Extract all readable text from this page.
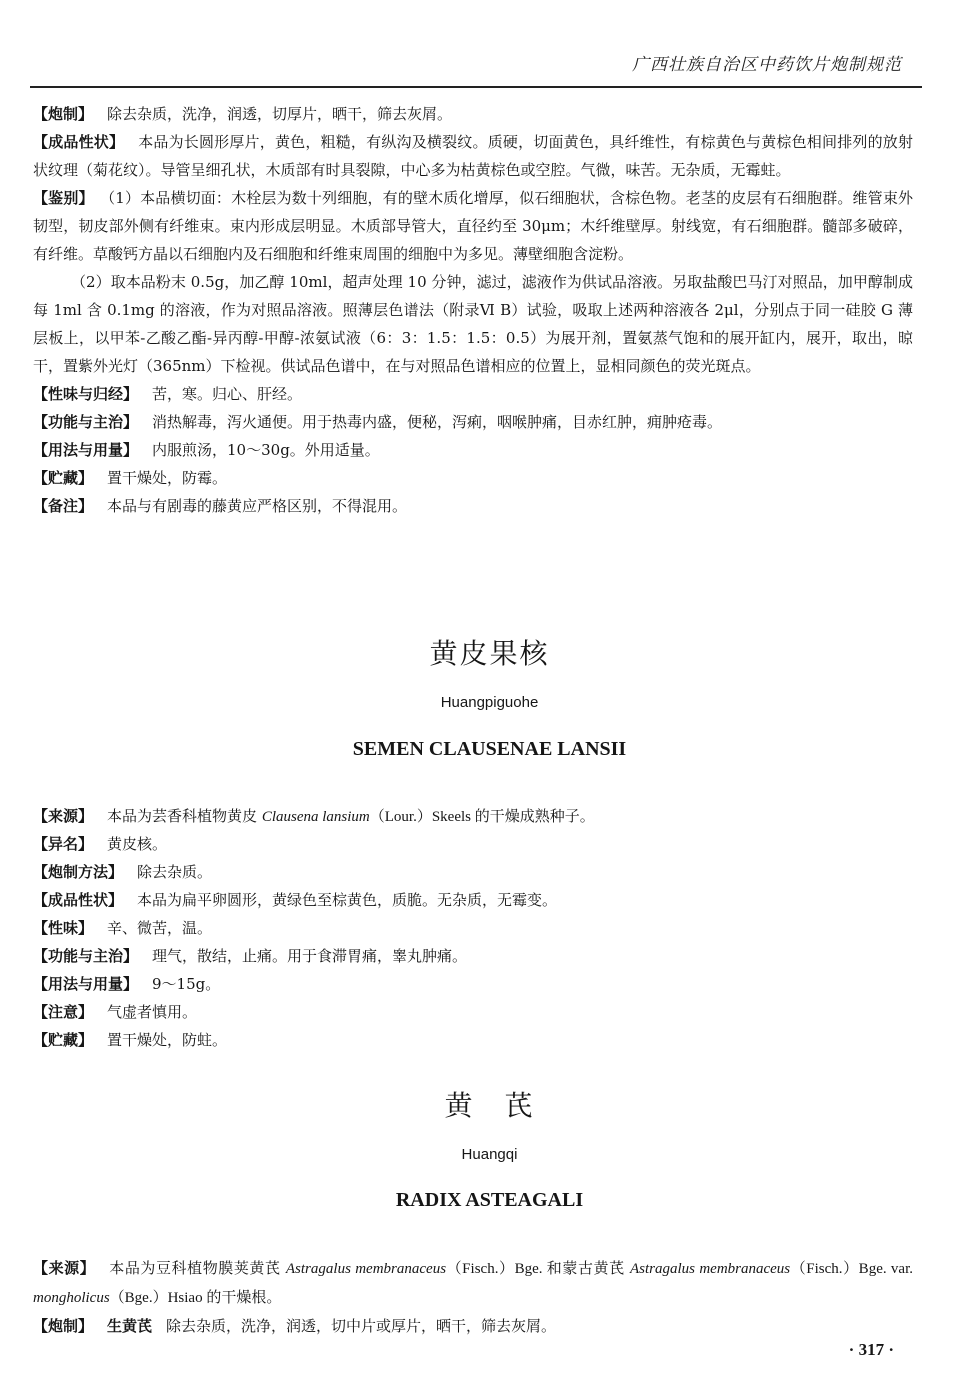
广西壮族自治区中药饮片炮制规范
【炮制】 除去杂质，洗净，润透，切厚片，晒干，筛去灰屑。
【成品性状】 本品为长圆形厚片，黄色，粗糙，有纵沟及横裂纹。质硬，切面黄色，具纤维性，有棕黄色与黄棕色相间排列的放射状纹理（菊花纹）。导管呈细孔状，木质部有时具裂隙，中心多为枯黄棕色或空腔。气微，味苦。无杂质，无霉蛀。
【鉴别】 （1）本品横切面：木栓层为数十列细胞，有的壁木质化增厚，似石细胞状，含棕色物。老茎的皮层有石细胞群。维管束外韧型，韧皮部外侧有纤维束。束内形成层明显。木质部导管大，直径约至 30μm；木纤维壁厚。射线宽，有石细胞群。髓部多破碎，有纤维。草酸钙方晶以石细胞内及石细胞和纤维束周围的细胞中为多见。薄壁细胞含淀粉。
（2）取本品粉末 0.5g，加乙醇 10ml，超声处理 10 分钟，滤过，滤液作为供试品溶液。另取盐酸巴马汀对照品，加甲醇制成每 1ml 含 0.1mg 的溶液，作为对照品溶液。照薄层色谱法（附录Ⅵ B）试验，吸取上述两种溶液各 2μl，分别点于同一硅胶 G 薄层板上，以甲苯-乙酸乙酯-异丙醇-甲醇-浓氨试液（6：3：1.5：1.5：0.5）为展开剂，置氨蒸气饱和的展开缸内，展开，取出，晾干，置紫外光灯（365nm）下检视。供试品色谱中，在与对照品色谱相应的位置上，显相同颜色的荧光斑点。
【性味与归经】 苦，寒。归心、肝经。
【功能与主治】 消热解毒，泻火通便。用于热毒内盛，便秘，泻痢，咽喉肿痛，目赤红肿，痈肿疮毒。
【用法与用量】 内服煎汤，10～30g。外用适量。
【贮藏】 置干燥处，防霉。
【备注】 本品与有剧毒的藤黄应严格区别，不得混用。
黄皮果核
Huangpiguohe
SEMEN CLAUSENAE LANSII
【来源】 本品为芸香科植物黄皮 Clausena lansium（Lour.）Skeels 的干燥成熟种子。
【异名】 黄皮核。
【炮制方法】 除去杂质。
【成品性状】 本品为扁平卵圆形，黄绿色至棕黄色，质脆。无杂质，无霉变。
【性味】 辛、微苦，温。
【功能与主治】 理气，散结，止痛。用于食滞胃痛，睾丸肿痛。
【用法与用量】 9～15g。
【注意】 气虚者慎用。
【贮藏】 置干燥处，防蛀。
黄　芪
Huangqi
RADIX ASTEAGALI
【来源】 本品为豆科植物膜荚黄芪 Astragalus membranaceus（Fisch.）Bge. 和蒙古黄芪 Astragalus membranaceus（Fisch.）Bge. var. mongholicus（Bge.）Hsiao 的干燥根。
【炮制】 生黄芪 除去杂质，洗净，润透，切中片或厚片，晒干，筛去灰屑。
· 317 ·
